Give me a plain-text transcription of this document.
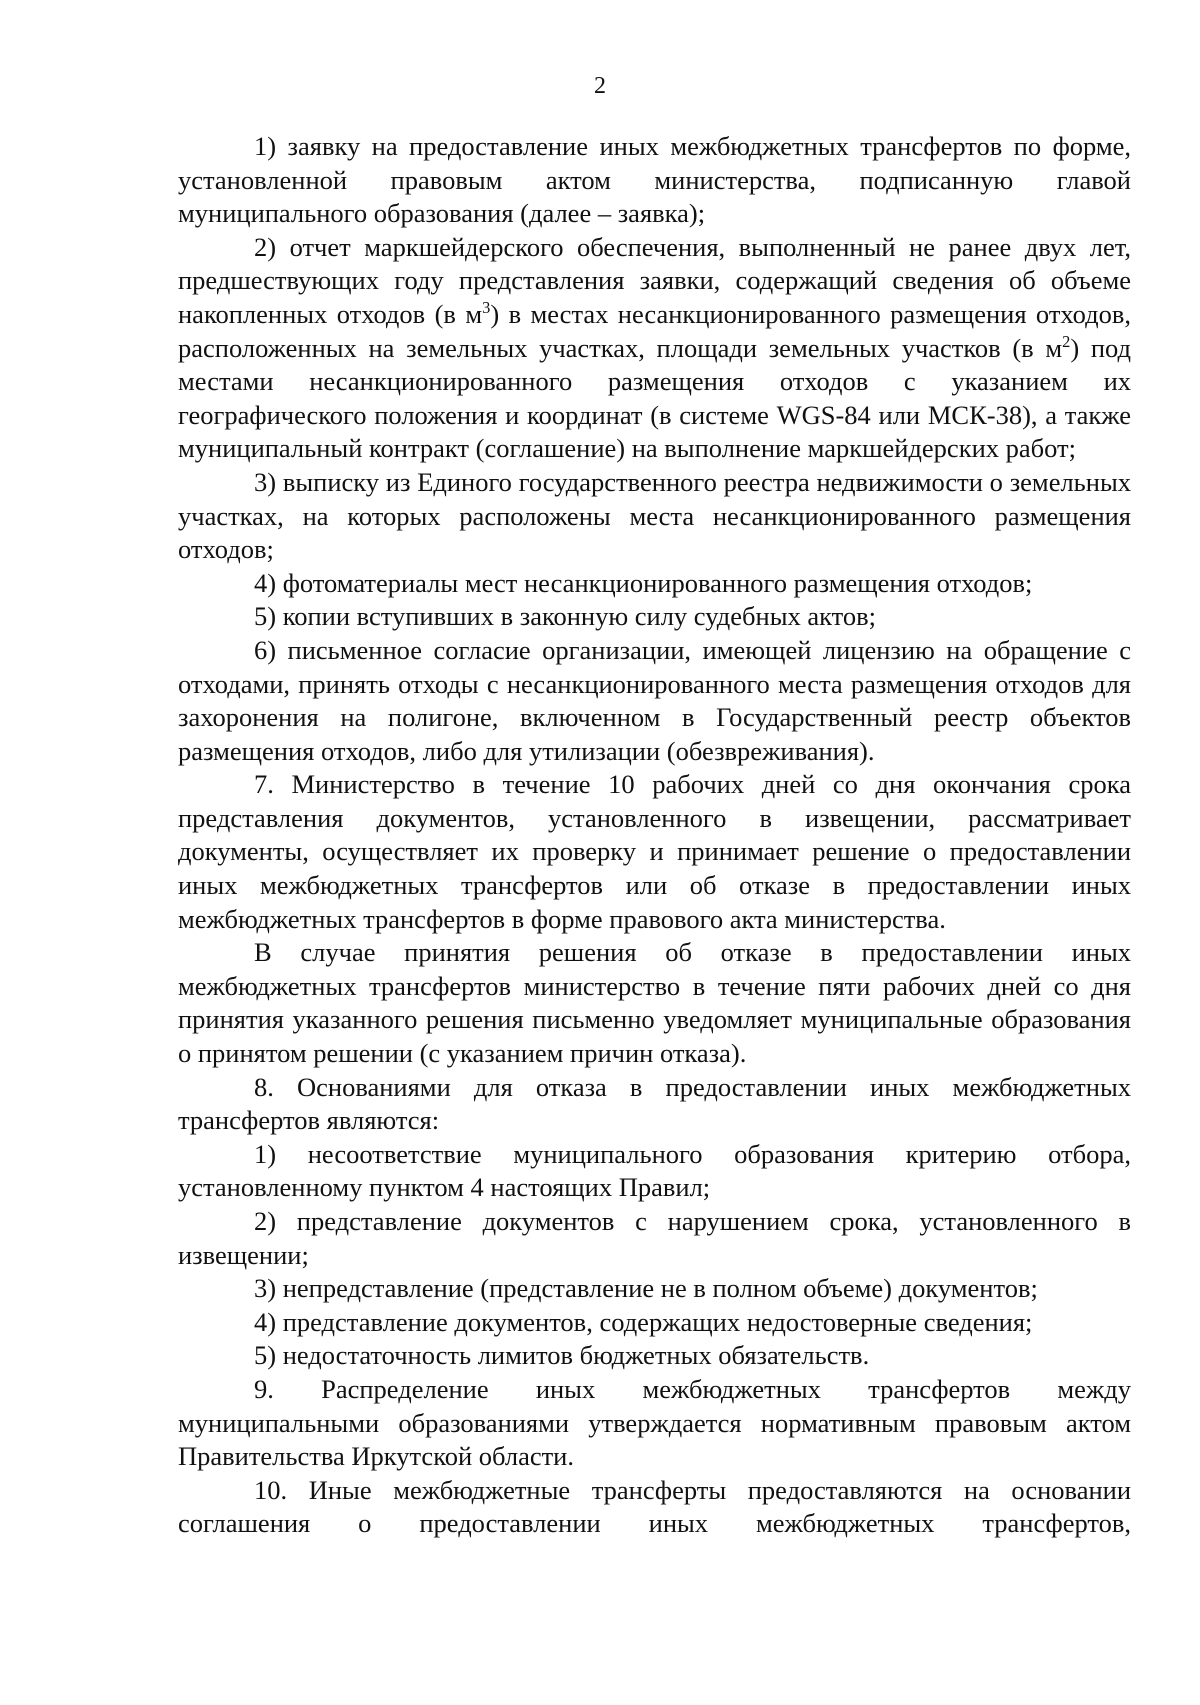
2

1) заявку на предоставление иных межбюджетных трансфертов по форме, установленной правовым актом министерства, подписанную главой муниципального образования (далее – заявка);

2) отчет маркшейдерского обеспечения, выполненный не ранее двух лет, предшествующих году представления заявки, содержащий сведения об объеме накопленных отходов (в $м^3$) в местах несанкционированного размещения отходов, расположенных на земельных участках, площади земельных участков (в $м^2$) под местами несанкционированного размещения отходов с указанием их географического положения и координат (в системе WGS-84 или МСК-38), а также муниципальный контракт (соглашение) на выполнение маркшейдерских работ;

3) выписку из Единого государственного реестра недвижимости о земельных участках, на которых расположены места несанкционированного размещения отходов;

4) фотоматериалы мест несанкционированного размещения отходов;

5) копии вступивших в законную силу судебных актов;

6) письменное согласие организации, имеющей лицензию на обращение с отходами, принять отходы с несанкционированного места размещения отходов для захоронения на полигоне, включенном в Государственный реестр объектов размещения отходов, либо для утилизации (обезвреживания).

7. Министерство в течение 10 рабочих дней со дня окончания срока представления документов, установленного в извещении, рассматривает документы, осуществляет их проверку и принимает решение о предоставлении иных межбюджетных трансфертов или об отказе в предоставлении иных межбюджетных трансфертов в форме правового акта министерства.

В случае принятия решения об отказе в предоставлении иных межбюджетных трансфертов министерство в течение пяти рабочих дней со дня принятия указанного решения письменно уведомляет муниципальные образования о принятом решении (с указанием причин отказа).

8. Основаниями для отказа в предоставлении иных межбюджетных трансфертов являются:

1) несоответствие муниципального образования критерию отбора, установленному пунктом 4 настоящих Правил;

2) представление документов с нарушением срока, установленного в извещении;

3) непредставление (представление не в полном объеме) документов;

4) представление документов, содержащих недостоверные сведения;

5) недостаточность лимитов бюджетных обязательств.

9. Распределение иных межбюджетных трансфертов между муниципальными образованиями утверждается нормативным правовым актом Правительства Иркутской области.

10. Иные межбюджетные трансферты предоставляются на основании соглашения о предоставлении иных межбюджетных трансфертов,
